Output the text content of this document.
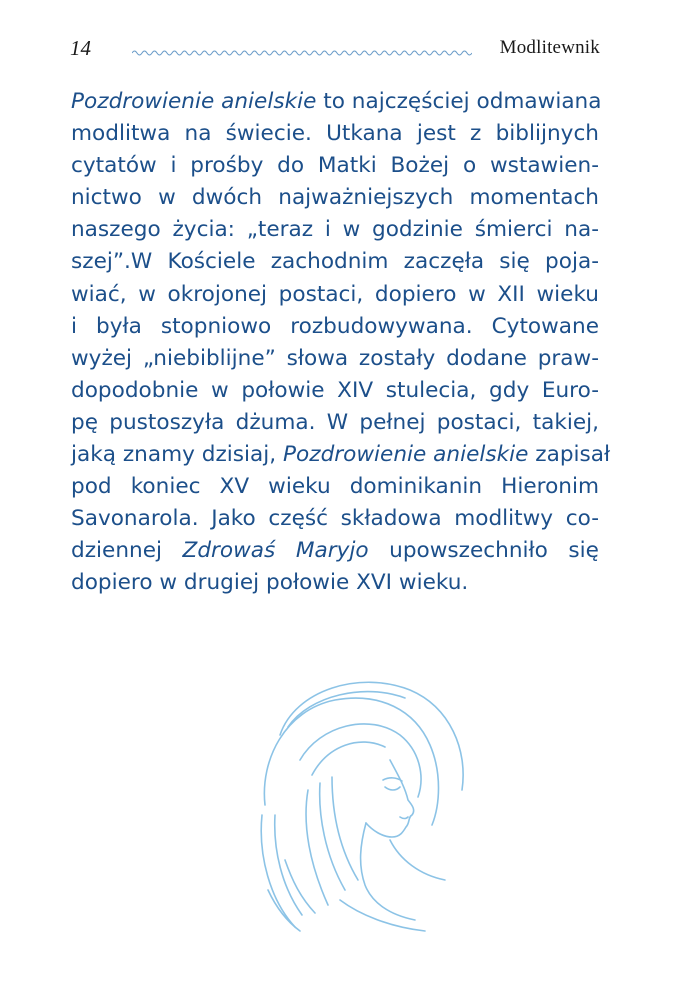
14	Modlitewnik
Pozdrowienie anielskie to najczęściej odmawiana
modlitwa na świecie. Utkana jest z biblijnych
cytatów i prośby do Matki Bożej o wstawien-
nictwo w dwóch najważniejszych momentach
naszego życia: „teraz i w godzinie śmierci na-
szej”.W Kościele zachodnim zaczęła się poja-
wiać, w okrojonej postaci, dopiero w XII wieku
i była stopniowo rozbudowywana. Cytowane
wyżej „niebiblijne” słowa zostały dodane praw-
dopodobnie w połowie XIV stulecia, gdy Euro-
pę pustoszyła dżuma. W pełnej postaci, takiej,
jaką znamy dzisiaj, Pozdrowienie anielskie zapisał
pod koniec XV wieku dominikanin Hieronim
Savonarola. Jako część składowa modlitwy co-
dziennej Zdrowaś Maryjo upowszechniło się
dopiero w drugiej połowie XVI wieku.
